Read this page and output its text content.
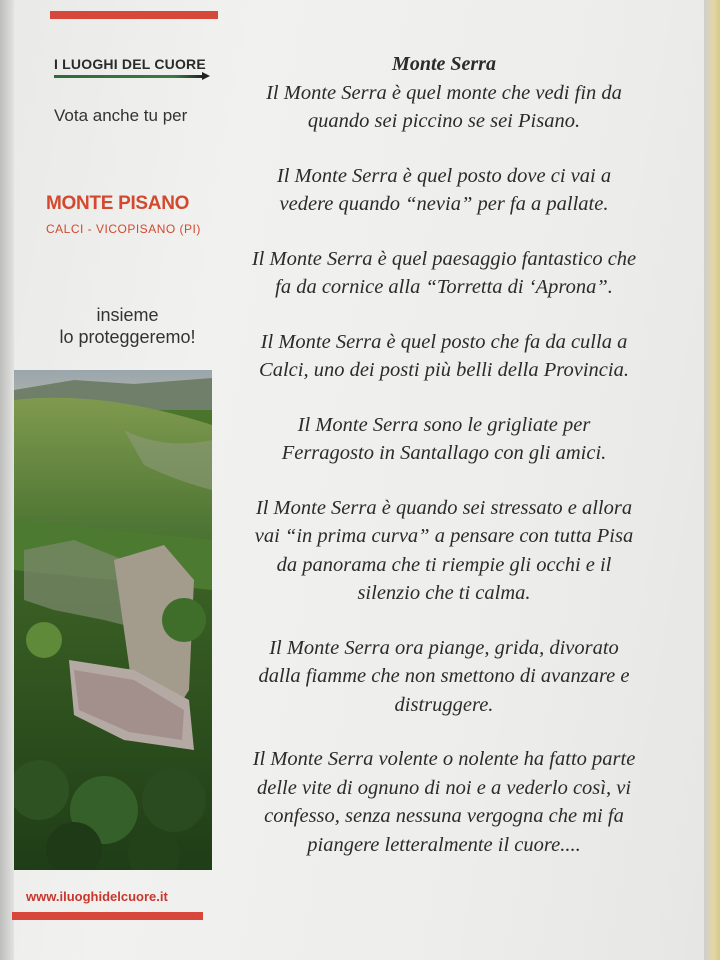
I LUOGHI DEL CUORE
Vota anche tu per
MONTE PISANO
CALCI - VICOPISANO (PI)
insieme
lo proteggeremo!
www.iluoghidelcuore.it
Monte Serra
Il Monte Serra è quel monte che vedi fin da
quando sei piccino se sei Pisano.
Il Monte Serra è quel posto dove ci vai a
vedere quando “nevia” per fa a pallate.
Il Monte Serra è quel paesaggio fantastico che
fa da cornice alla “Torretta di ‘Aprona”.
Il Monte Serra è quel posto che fa da culla a
Calci, uno dei posti più belli della Provincia.
Il Monte Serra sono le grigliate per
Ferragosto in Santallago con gli amici.
Il Monte Serra è quando sei stressato e allora
vai “in prima curva” a pensare con tutta Pisa
da panorama che ti riempie gli occhi e il
silenzio che ti calma.
Il Monte Serra ora piange, grida, divorato
dalla fiamme che non smettono di avanzare e
distruggere.
Il Monte Serra volente o nolente ha fatto parte
delle vite di ognuno di noi e a vederlo così, vi
confesso, senza nessuna vergogna che mi fa
piangere letteralmente il cuore....
